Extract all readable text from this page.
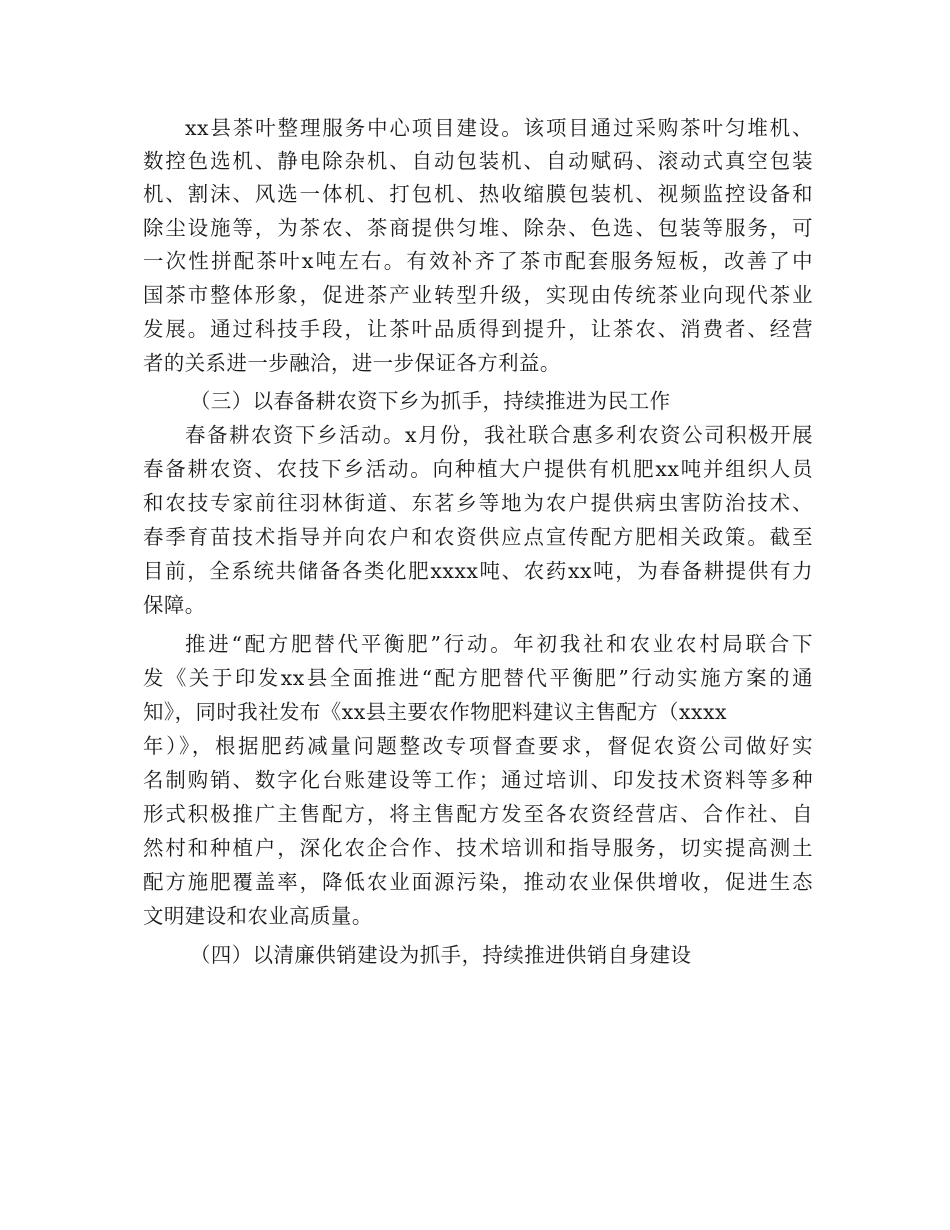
xx县茶叶整理服务中心项目建设。该项目通过采购茶叶匀堆机、
数控色选机、静电除杂机、自动包装机、自动赋码、滚动式真空包装
机、割沫、风选一体机、打包机、热收缩膜包装机、视频监控设备和
除尘设施等，为茶农、茶商提供匀堆、除杂、色选、包装等服务，可
一次性拼配茶叶x吨左右。有效补齐了茶市配套服务短板，改善了中
国茶市整体形象，促进茶产业转型升级，实现由传统茶业向现代茶业
发展。通过科技手段，让茶叶品质得到提升，让茶农、消费者、经营
者的关系进一步融洽，进一步保证各方利益。
（三）以春备耕农资下乡为抓手，持续推进为民工作
春备耕农资下乡活动。x月份，我社联合惠多利农资公司积极开展
春备耕农资、农技下乡活动。向种植大户提供有机肥xx吨并组织人员
和农技专家前往羽林街道、东茗乡等地为农户提供病虫害防治技术、
春季育苗技术指导并向农户和农资供应点宣传配方肥相关政策。截至
目前，全系统共储备各类化肥xxxx吨、农药xx吨，为春备耕提供有力
保障。
推进“配方肥替代平衡肥”行动。年初我社和农业农村局联合下
发《关于印发xx县全面推进“配方肥替代平衡肥”行动实施方案的通
知》，同时我社发布《xx县主要农作物肥料建议主售配方（xxxx
年）》，根据肥药减量问题整改专项督查要求，督促农资公司做好实
名制购销、数字化台账建设等工作；通过培训、印发技术资料等多种
形式积极推广主售配方，将主售配方发至各农资经营店、合作社、自
然村和种植户，深化农企合作、技术培训和指导服务，切实提高测土
配方施肥覆盖率，降低农业面源污染，推动农业保供增收，促进生态
文明建设和农业高质量。
（四）以清廉供销建设为抓手，持续推进供销自身建设
